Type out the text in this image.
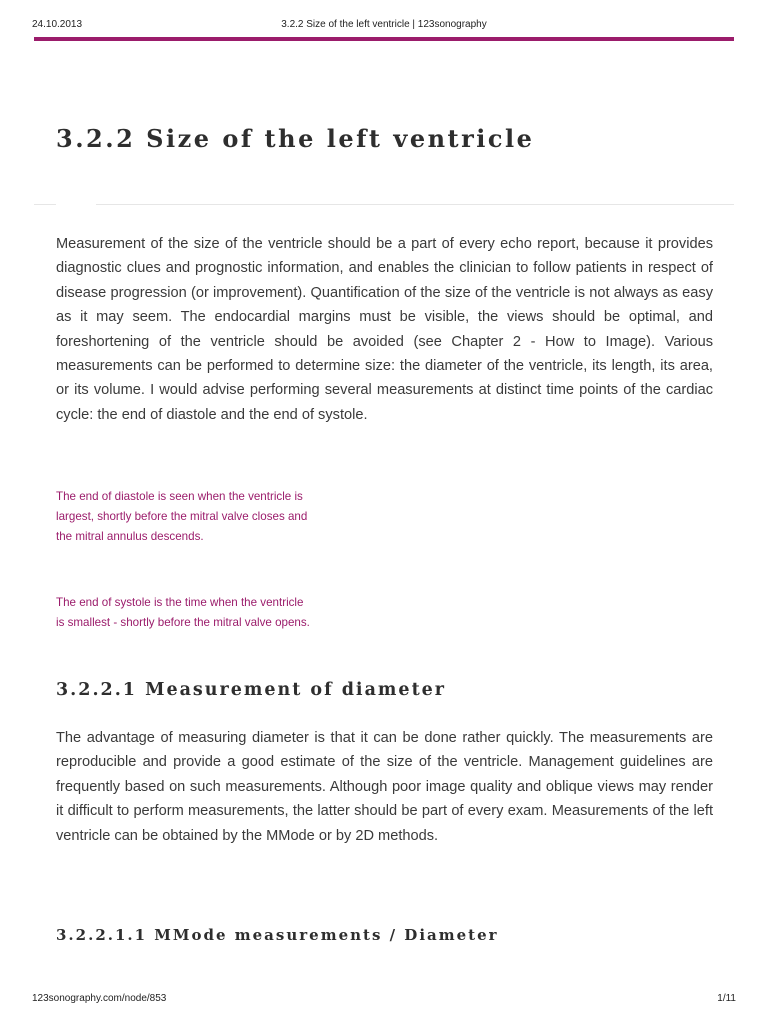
24.10.2013	3.2.2 Size of the left ventricle | 123sonography
3.2.2 Size of the left ventricle

Measurement of the size of the ventricle should be a part of every echo report, because it provides diagnostic clues and prognostic information, and enables the clinician to follow patients in respect of disease progression (or improvement). Quantification of the size of the ventricle is not always as easy as it may seem. The endocardial margins must be visible, the views should be optimal, and foreshortening of the ventricle should be avoided (see Chapter 2 - How to Image). Various measurements can be performed to determine size: the diameter of the ventricle, its length, its area, or its volume. I would advise performing several measurements at distinct time points of the cardiac cycle: the end of diastole and the end of systole.

The end of diastole is seen when the ventricle is largest, shortly before the mitral valve closes and the mitral annulus descends.

The end of systole is the time when the ventricle is smallest - shortly before the mitral valve opens.

3.2.2.1 Measurement of diameter

The advantage of measuring diameter is that it can be done rather quickly. The measurements are reproducible and provide a good estimate of the size of the ventricle. Management guidelines are frequently based on such measurements. Although poor image quality and oblique views may render it difficult to perform measurements, the latter should be part of every exam. Measurements of the left ventricle can be obtained by the MMode or by 2D methods.

3.2.2.1.1 MMode measurements / Diameter
123sonography.com/node/853	1/11
